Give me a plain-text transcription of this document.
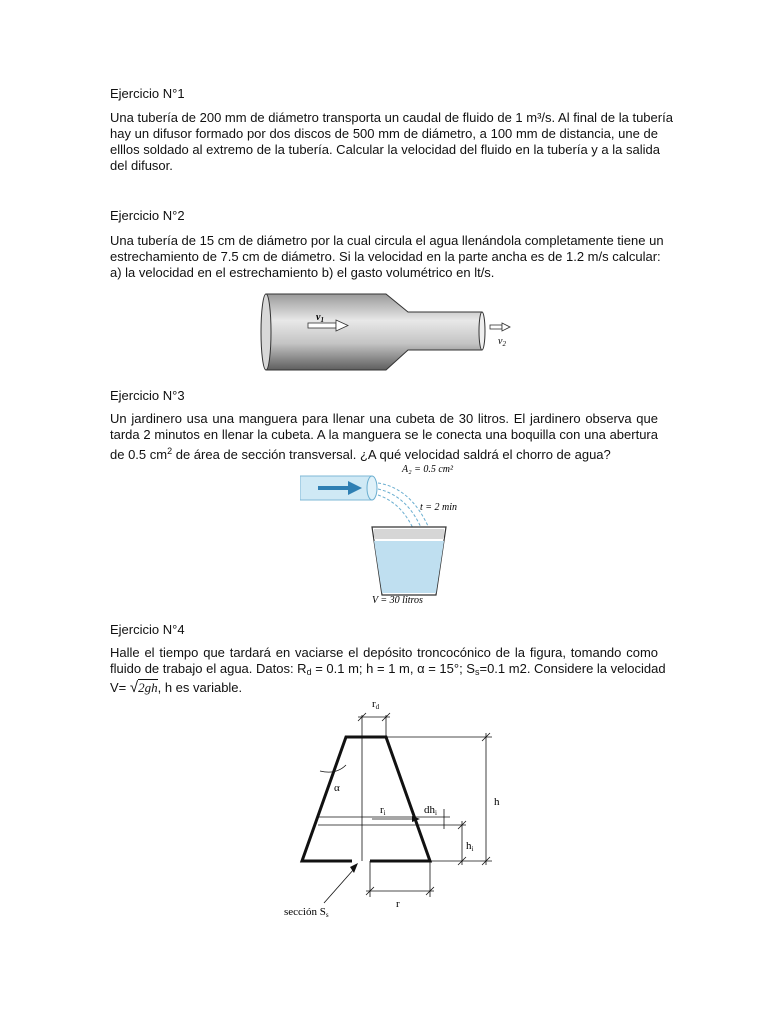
Ejercicio N°1
Una tubería de 200 mm de diámetro transporta un caudal de fluido de 1 m³/s. Al final de la tubería
hay un difusor formado por dos discos de 500 mm de diámetro, a 100 mm de distancia, une de
elllos soldado al extremo de la tubería. Calcular la velocidad del fluido en la tubería y a la salida
del difusor.
Ejercicio N°2
Una tubería de 15 cm de diámetro por la cual circula el agua llenándola completamente tiene un
estrechamiento de 7.5 cm de diámetro. Si la velocidad en la parte ancha es de 1.2 m/s calcular:
a) la velocidad en el estrechamiento b) el gasto volumétrico en lt/s.
$v_1$
$v_2$
Ejercicio N°3
Un jardinero usa una manguera para llenar una cubeta de 30 litros. El jardinero observa que
tarda 2 minutos en llenar la cubeta. A la manguera se le conecta una boquilla con una abertura
de 0.5 $cm^2$ de área de sección transversal. ¿A qué velocidad saldrá el chorro de agua?
A₂ = 0.5 cm²
t = 2 min
V = 30 litros
Ejercicio N°4
Halle el tiempo que tardará en vaciarse el depósito troncocónico de la figura, tomando como
fluido de trabajo el agua. Datos: $R_d = 0.1$ m; h = 1 m, α = 15°; $S_s=0.1$ m2. Considere la velocidad
V= √2gh, h es variable.
rd
α
ri	dhi
h
hi
r
sección Ss
